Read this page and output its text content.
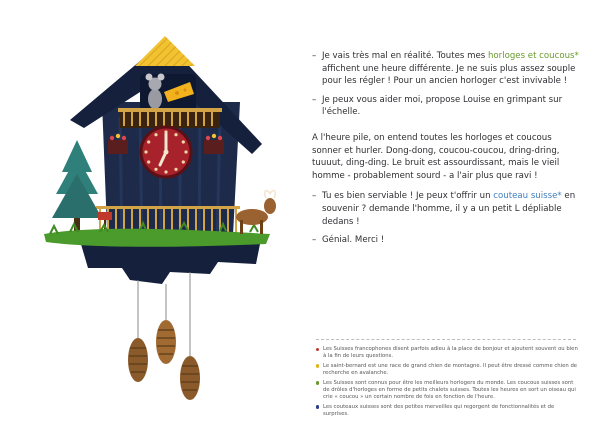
– Je vais très mal en réalité. Toutes mes horloges et coucous* affichent une heure différente. Je ne suis plus assez souple pour les régler ! Pour un ancien horloger c'est invivable !

– Je peux vous aider moi, propose Louise en grimpant sur l'échelle.

A l'heure pile, on entend toutes les horloges et coucous sonner et hurler. Dong-dong, coucou-coucou, dring-dring, tuuuut, ding-ding. Le bruit est assourdissant, mais le vieil homme - probablement sourd - a l'air plus que ravi !

– Tu es bien serviable ! Je peux t'offrir un couteau suisse* en souvenir ? demande l'homme, il y a un petit L dépliable dedans !

– Génial. Merci !

Les Suisses francophones disent parfois adieu à la place de bonjour et ajoutent souvent ou bien à la fin de leurs questions.

Le saint-bernard est une race de grand chien de montagne. Il peut être dressé comme chien de recherche en avalanche.

Les Suisses sont connus pour être les meilleurs horlogers du monde. Les coucous suisses sont de drôles d'horloges en forme de petits chalets suisses. Toutes les heures en sort un oiseau qui crie « coucou » un certain nombre de fois en fonction de l'heure.

Les couteaux suisses sont des petites merveilles qui regorgent de fonctionnalités et de surprises.
